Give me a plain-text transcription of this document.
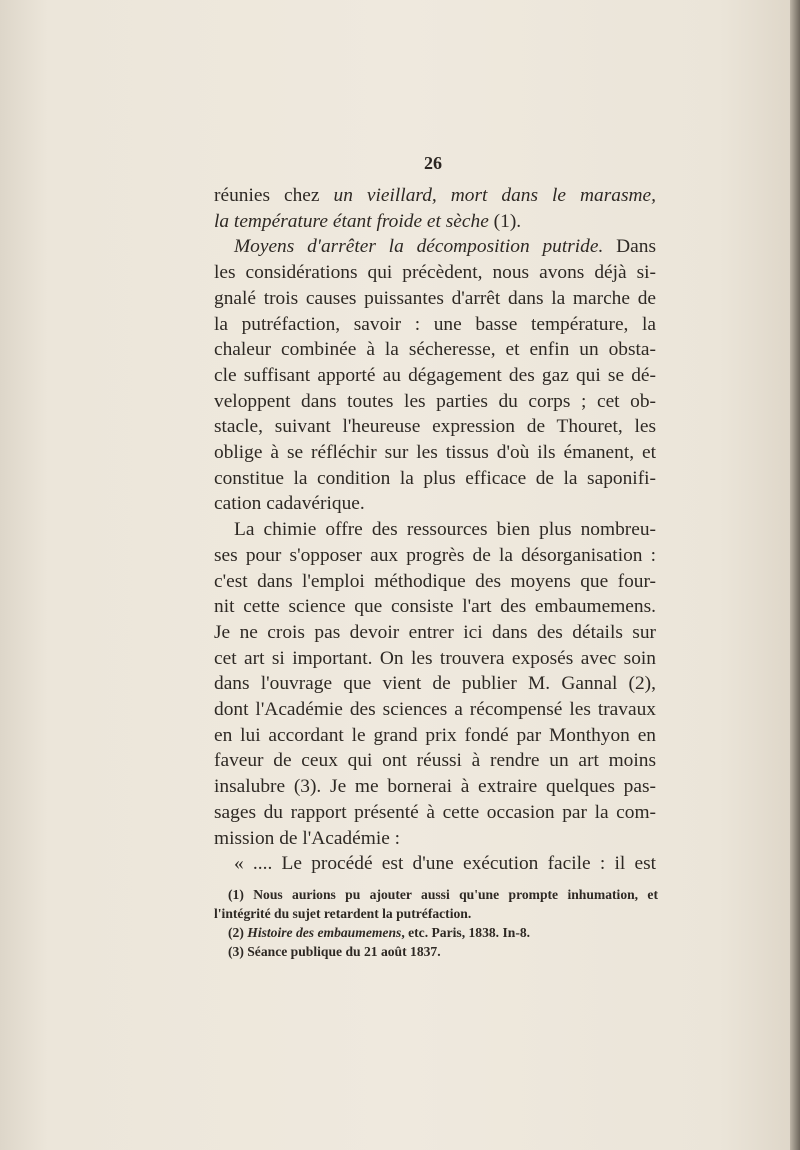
26
réunies chez un vieillard, mort dans le marasme,
la température étant froide et sèche (1).
Moyens d'arrêter la décomposition putride. Dans
les considérations qui précèdent, nous avons déjà si-
gnalé trois causes puissantes d'arrêt dans la marche de
la putréfaction, savoir : une basse température, la
chaleur combinée à la sécheresse, et enfin un obsta-
cle suffisant apporté au dégagement des gaz qui se dé-
veloppent dans toutes les parties du corps ; cet ob-
stacle, suivant l'heureuse expression de Thouret, les
oblige à se réfléchir sur les tissus d'où ils émanent, et
constitue la condition la plus efficace de la saponifi-
cation cadavérique.
La chimie offre des ressources bien plus nombreu-
ses pour s'opposer aux progrès de la désorganisation :
c'est dans l'emploi méthodique des moyens que four-
nit cette science que consiste l'art des embaumemens.
Je ne crois pas devoir entrer ici dans des détails sur
cet art si important. On les trouvera exposés avec soin
dans l'ouvrage que vient de publier M. Gannal (2),
dont l'Académie des sciences a récompensé les travaux
en lui accordant le grand prix fondé par Monthyon en
faveur de ceux qui ont réussi à rendre un art moins
insalubre (3). Je me bornerai à extraire quelques pas-
sages du rapport présenté à cette occasion par la com-
mission de l'Académie :
« .... Le procédé est d'une exécution facile : il est
(1) Nous aurions pu ajouter aussi qu'une prompte inhumation, et
l'intégrité du sujet retardent la putréfaction.
(2) Histoire des embaumemens, etc. Paris, 1838. In-8.
(3) Séance publique du 21 août 1837.
